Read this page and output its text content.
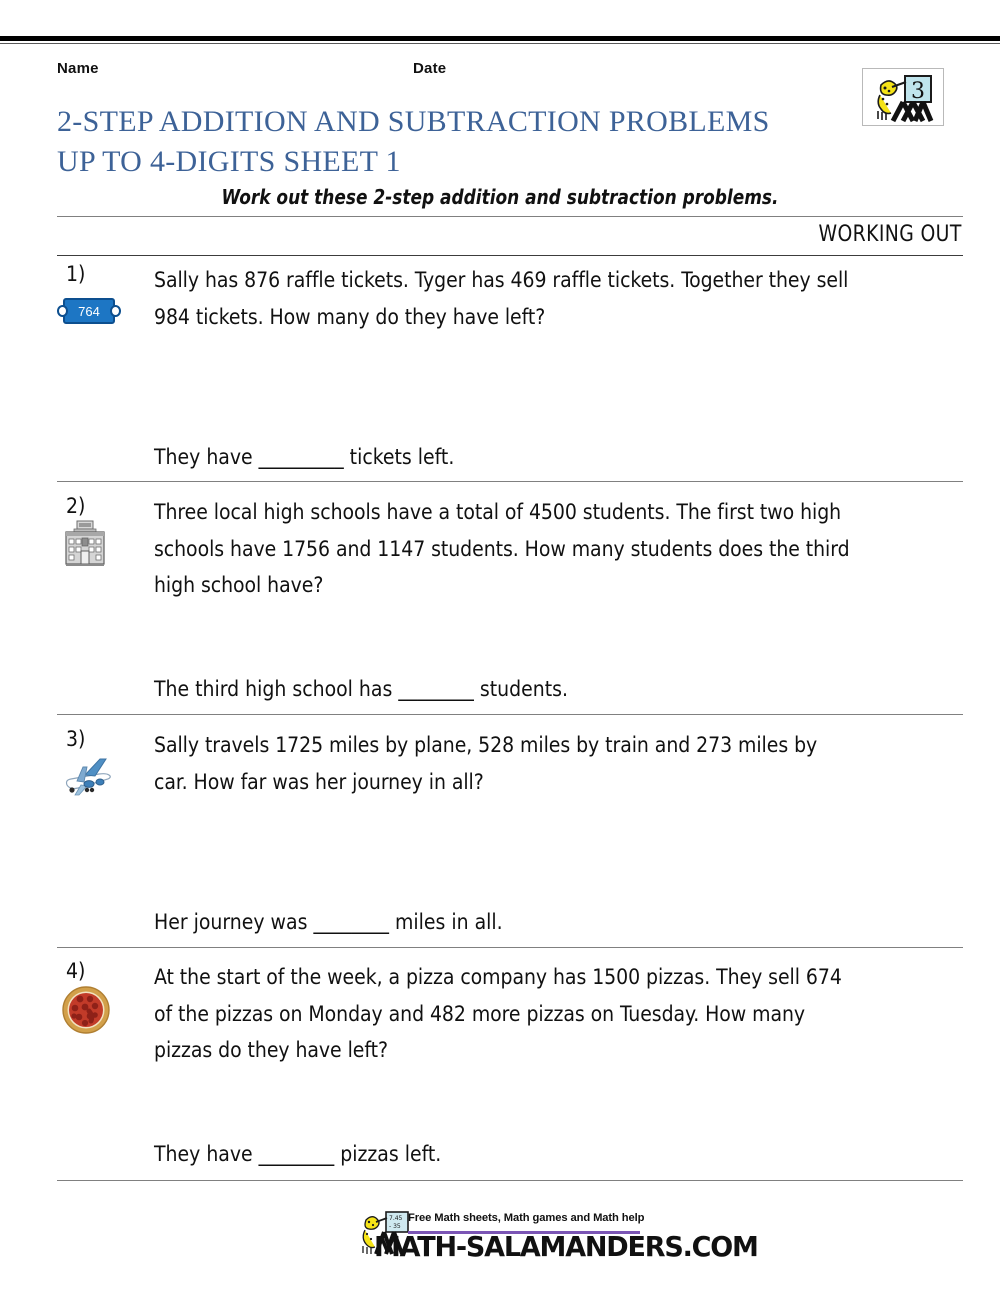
Name	Date
3
2-STEP ADDITION AND SUBTRACTION PROBLEMS
UP TO 4-DIGITS SHEET 1
Work out these 2-step addition and subtraction problems.
WORKING OUT
1)
764
Sally has 876 raffle tickets. Tyger has 469 raffle tickets. Together they sell 984 tickets. How many do they have left?
They have _________ tickets left.
2)	Three local high schools have a total of 4500 students. The first two high schools have 1756 and 1147 students. How many students does the third high school have?
The third high school has ________ students.
3)	Sally travels 1725 miles by plane, 528 miles by train and 273 miles by car. How far was her journey in all?
Her journey was ________ miles in all.
4)	At the start of the week, a pizza company has 1500 pizzas. They sell 674 of the pizzas on Monday and 482 more pizzas on Tuesday. How many pizzas do they have left?
They have ________ pizzas left.
7.45
- 35
Free Math sheets, Math games and Math help
MATH-SALAMANDERS.COM
